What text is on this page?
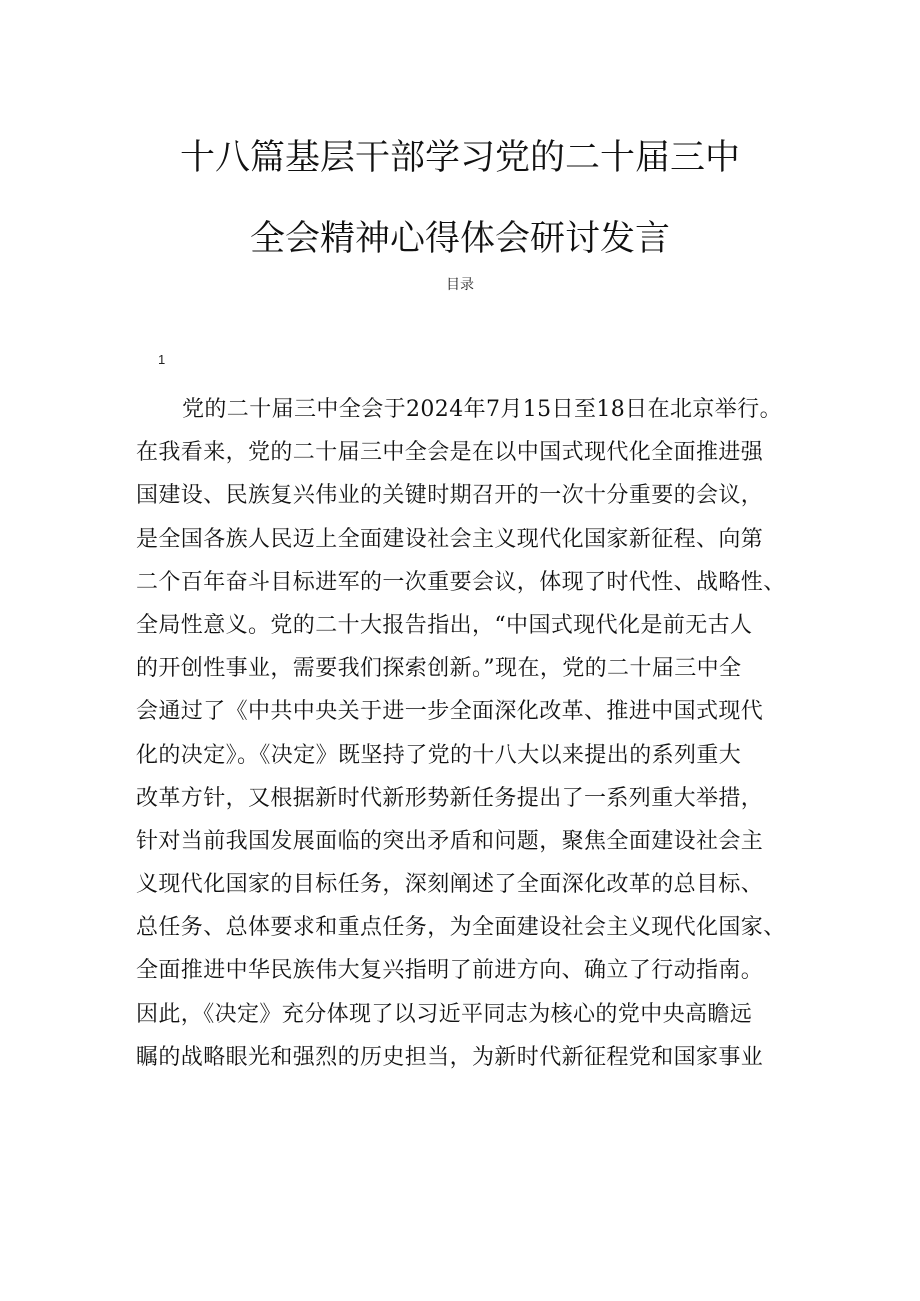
十八篇基层干部学习党的二十届三中
全会精神心得体会研讨发言
目录
1
党的二十届三中全会于2024年7月15日至18日在北京举行。
在我看来，党的二十届三中全会是在以中国式现代化全面推进强
国建设、民族复兴伟业的关键时期召开的一次十分重要的会议，
是全国各族人民迈上全面建设社会主义现代化国家新征程、向第
二个百年奋斗目标进军的一次重要会议，体现了时代性、战略性、
全局性意义。党的二十大报告指出，“中国式现代化是前无古人
的开创性事业，需要我们探索创新。”现在，党的二十届三中全
会通过了《中共中央关于进一步全面深化改革、推进中国式现代
化的决定》。《决定》既坚持了党的十八大以来提出的系列重大
改革方针，又根据新时代新形势新任务提出了一系列重大举措，
针对当前我国发展面临的突出矛盾和问题，聚焦全面建设社会主
义现代化国家的目标任务，深刻阐述了全面深化改革的总目标、
总任务、总体要求和重点任务，为全面建设社会主义现代化国家、
全面推进中华民族伟大复兴指明了前进方向、确立了行动指南。
因此，《决定》充分体现了以习近平同志为核心的党中央高瞻远
瞩的战略眼光和强烈的历史担当，为新时代新征程党和国家事业
